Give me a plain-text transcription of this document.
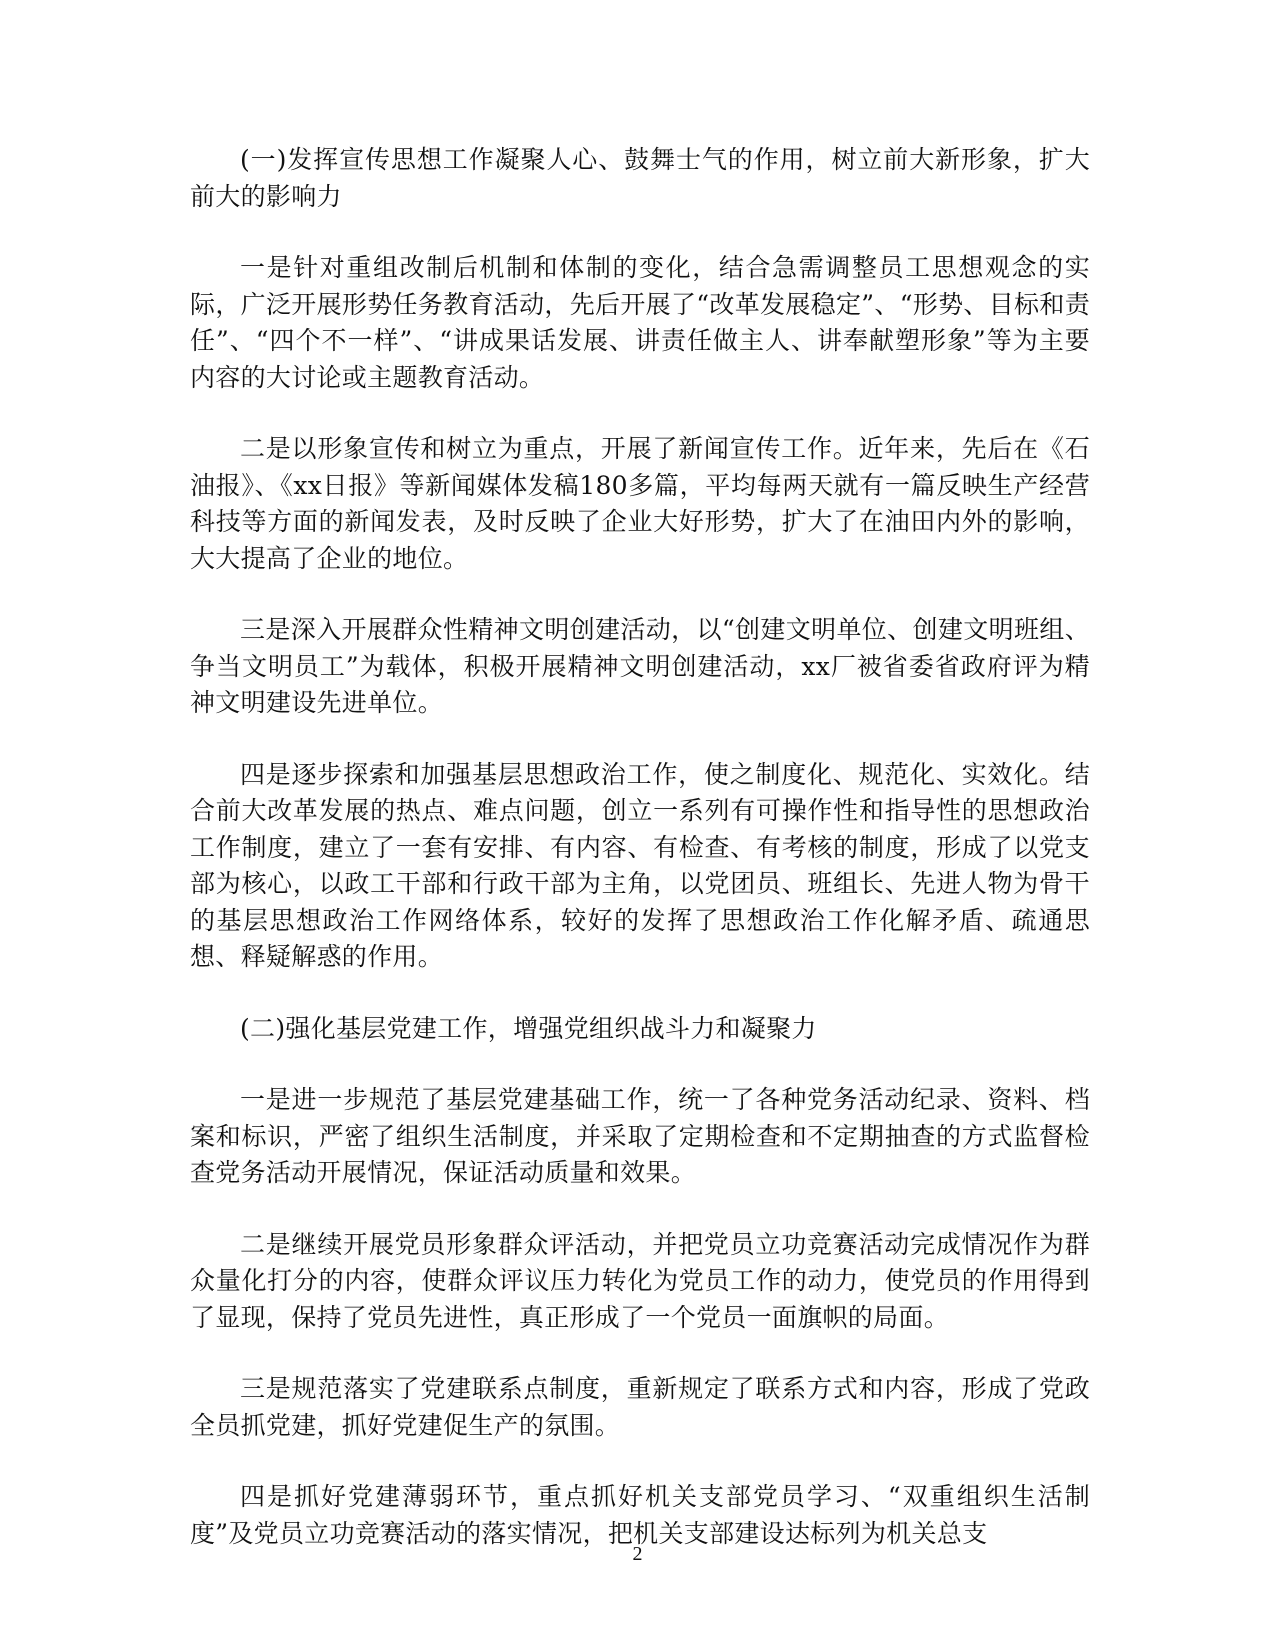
(一)发挥宣传思想工作凝聚人心、鼓舞士气的作用，树立前大新形象，扩大前大的影响力

一是针对重组改制后机制和体制的变化，结合急需调整员工思想观念的实际，广泛开展形势任务教育活动，先后开展了“改革发展稳定”、“形势、目标和责任”、“四个不一样”、“讲成果话发展、讲责任做主人、讲奉献塑形象”等为主要内容的大讨论或主题教育活动。

二是以形象宣传和树立为重点，开展了新闻宣传工作。近年来，先后在《石油报》、《xx日报》等新闻媒体发稿180多篇，平均每两天就有一篇反映生产经营科技等方面的新闻发表，及时反映了企业大好形势，扩大了在油田内外的影响，大大提高了企业的地位。

三是深入开展群众性精神文明创建活动，以“创建文明单位、创建文明班组、争当文明员工”为载体，积极开展精神文明创建活动，xx厂被省委省政府评为精神文明建设先进单位。

四是逐步探索和加强基层思想政治工作，使之制度化、规范化、实效化。结合前大改革发展的热点、难点问题，创立一系列有可操作性和指导性的思想政治工作制度，建立了一套有安排、有内容、有检查、有考核的制度，形成了以党支部为核心，以政工干部和行政干部为主角，以党团员、班组长、先进人物为骨干的基层思想政治工作网络体系，较好的发挥了思想政治工作化解矛盾、疏通思想、释疑解惑的作用。

(二)强化基层党建工作，增强党组织战斗力和凝聚力

一是进一步规范了基层党建基础工作，统一了各种党务活动纪录、资料、档案和标识，严密了组织生活制度，并采取了定期检查和不定期抽查的方式监督检查党务活动开展情况，保证活动质量和效果。

二是继续开展党员形象群众评活动，并把党员立功竞赛活动完成情况作为群众量化打分的内容，使群众评议压力转化为党员工作的动力，使党员的作用得到了显现，保持了党员先进性，真正形成了一个党员一面旗帜的局面。

三是规范落实了党建联系点制度，重新规定了联系方式和内容，形成了党政全员抓党建，抓好党建促生产的氛围。

四是抓好党建薄弱环节，重点抓好机关支部党员学习、“双重组织生活制度”及党员立功竞赛活动的落实情况，把机关支部建设达标列为机关总支

2
